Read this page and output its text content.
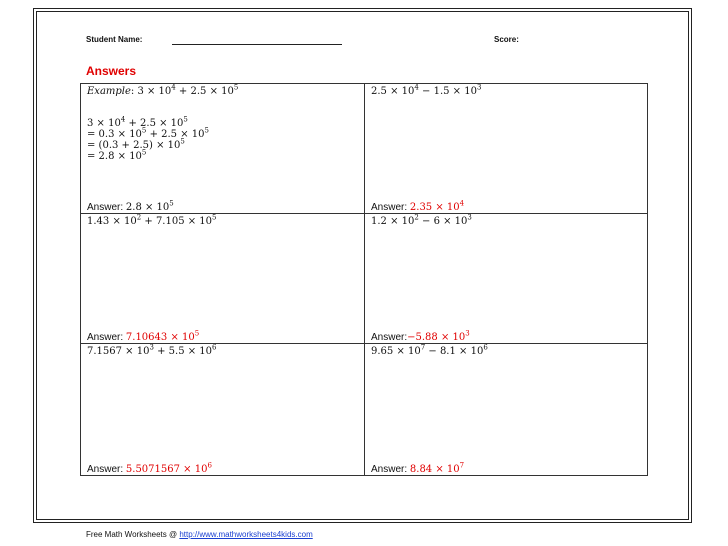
Student Name:	Score:
Answers
Example: $3 \times 10^4 + 2.5 \times 10^5$
$3 \times 10^4 + 2.5 \times 10^5$
= $0.3 \times 10^5 + 2.5 \times 10^5$
= $(0.3 + 2.5) \times 10^5$
= $2.8 \times 10^5$
Answer: $2.8 \times 10^5$
$2.5 \times 10^4 - 1.5 \times 10^3$
Answer: $2.35 \times 10^4$
$1.43 \times 10^2 + 7.105 \times 10^5$
Answer: $7.10643 \times 10^5$
$1.2 \times 10^2 - 6 \times 10^3$
Answer:−5.88 × $10^3$
$7.1567 \times 10^3 + 5.5 \times 10^6$
Answer: $5.5071567 \times 10^6$
$9.65 \times 10^7 - 8.1 \times 10^6$
Answer: $8.84 \times 10^7$
Free Math Worksheets @ http://www.mathworksheets4kids.com
